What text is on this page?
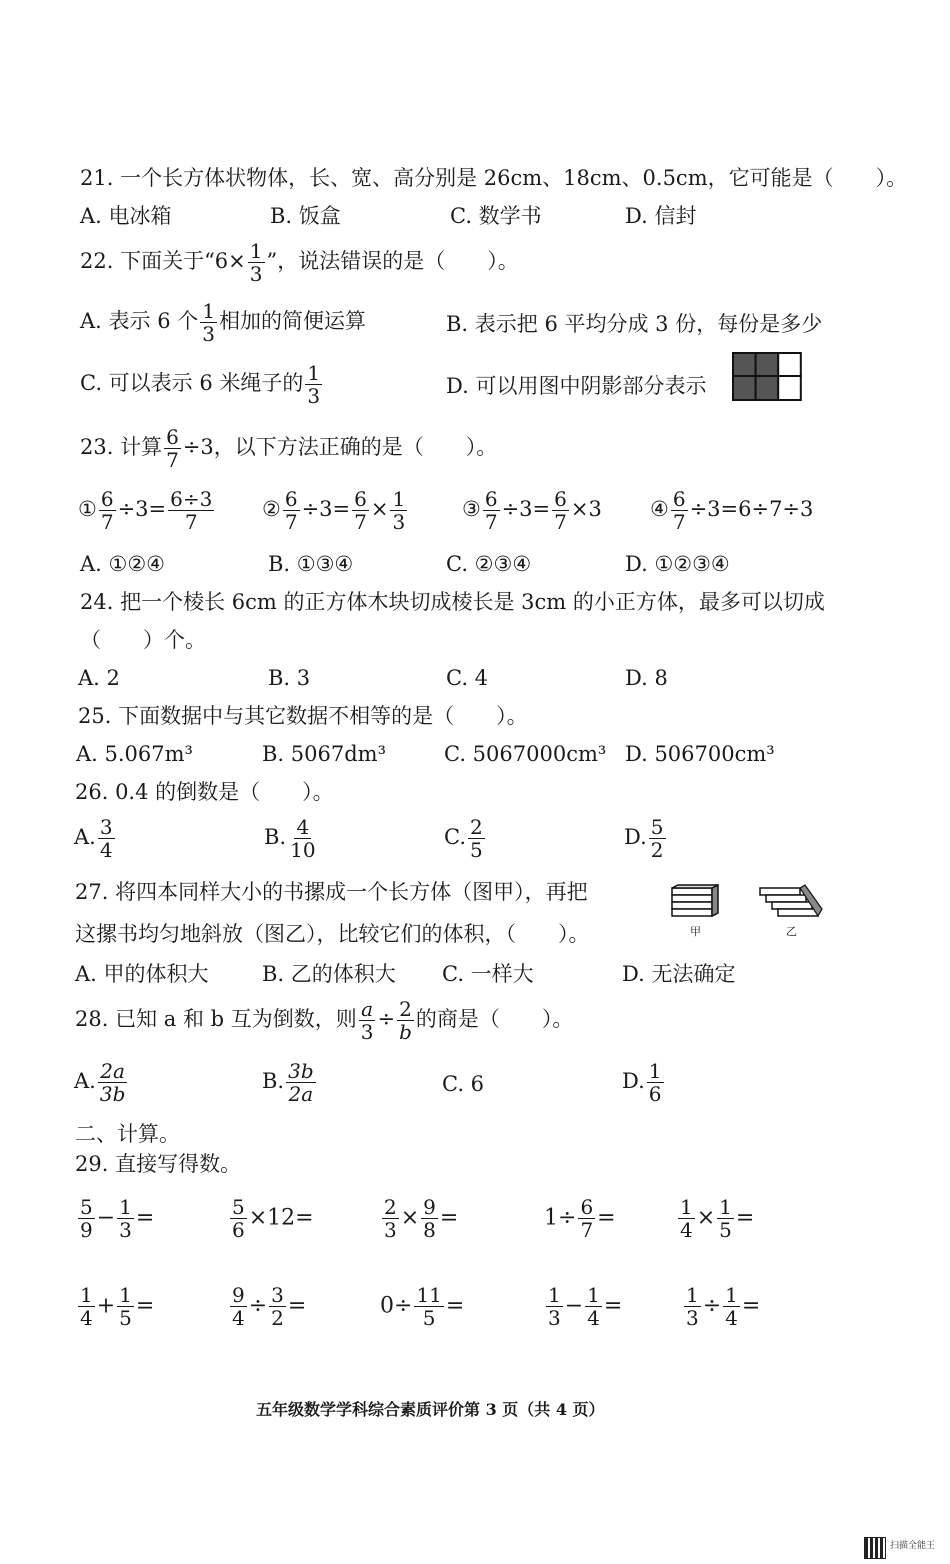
21. 一个长方体状物体，长、宽、高分别是 26cm、18cm、0.5cm，它可能是（　　）。
A. 电冰箱	B. 饭盒	C. 数学书	D. 信封
22. 下面关于“$6\times \frac{1}{3}$ ”，说法错误的是（　　）。
A. 表示 6 个 $\frac{1}{3}$ 相加的简便运算	B. 表示把 6 平均分成 3 份，每份是多少
C. 可以表示 6 米绳子的 $\frac{1}{3}$	D. 可以用图中阴影部分表示
23. 计算 $\frac{6}{7} \div 3$，以下方法正确的是（　　）。
① $\frac{6}{7} \div 3= \frac{6\div 3}{7}$ ② $\frac{6}{7} \div 3= \frac{6}{7} \times \frac{1}{3}$	③ $\frac{6}{7} \div 3= \frac{6}{7} \times 3$ ④ $\frac{6}{7} \div 3=6\div 7\div 3$
A. ①②④	B. ①③④	C. ②③④	D. ①②③④
24. 把一个棱长 6cm 的正方体木块切成棱长是 3cm 的小正方体，最多可以切成
（　　）个。
A. 2	B. 3	C. 4	D. 8
25. 下面数据中与其它数据不相等的是（　　）。
A. 5.067m³	B. 5067dm³	C. 5067000cm³ D. 506700cm³
26. 0.4 的倒数是（　　）。
A. $\frac{3}{4}$	B. $\frac{4}{10}$	C. $\frac{2}{5}$	D. $\frac{5}{2}$
27. 将四本同样大小的书摞成一个长方体（图甲），再把
这摞书均匀地斜放（图乙），比较它们的体积，（　　）。	甲	乙
A. 甲的体积大	B. 乙的体积大 C. 一样大	D. 无法确定
28. 已知 a 和 b 互为倒数，则 $\frac{a}{3} \div \frac{2}{b}$ 的商是（　　）。
A. $\frac{2a}{3b}$	B. $\frac{3b}{2a}$	C. 6	D. $\frac{1}{6}$
二、计算。
29. 直接写得数。
$\frac{5}{9} - \frac{1}{3}$ =	$\frac{5}{6} \times 12=$	$\frac{2}{3} \times \frac{9}{8}$ =	$1\div \frac{6}{7}$ =	$\frac{1}{4} \times \frac{1}{5}$ =
$\frac{1}{4} + \frac{1}{5}$ =	$\frac{9}{4} \div \frac{3}{2}$ =	$0\div \frac{11}{5}$ =	$\frac{1}{3} - \frac{1}{4}$ =	$\frac{1}{3} \div \frac{1}{4}$ =
五年级数学学科综合素质评价第 3 页（共 4 页）
扫描全能王
